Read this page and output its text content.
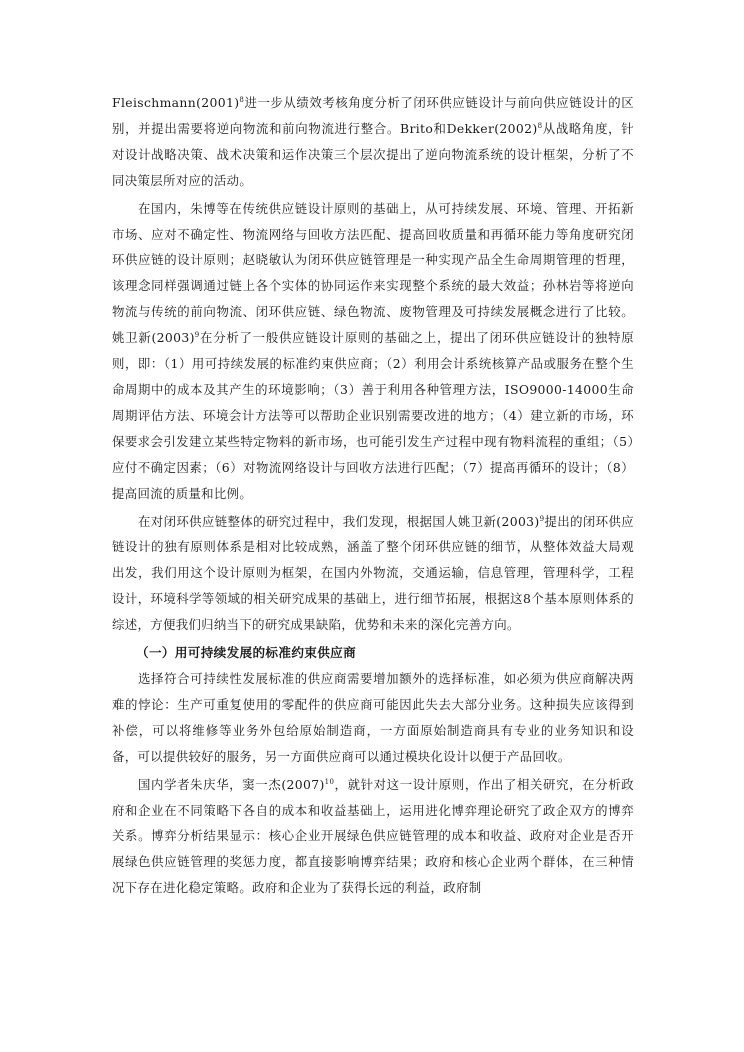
$Fleischmann(2001)^8$进一步从绩效考核角度分析了闭环供应链设计与前向供应链设计的区别，并提出需要将逆向物流和前向物流进行整合。Brito和$Dekker(2002)^8$从战略角度，针对设计战略决策、战术决策和运作决策三个层次提出了逆向物流系统的设计框架，分析了不同决策层所对应的活动。

在国内，朱博等在传统供应链设计原则的基础上，从可持续发展、环境、管理、开拓新市场、应对不确定性、物流网络与回收方法匹配、提高回收质量和再循环能力等角度研究闭环供应链的设计原则；赵晓敏认为闭环供应链管理是一种实现产品全生命周期管理的哲理，该理念同样强调通过链上各个实体的协同运作来实现整个系统的最大效益；孙林岩等将逆向物流与传统的前向物流、闭环供应链、绿色物流、废物管理及可持续发展概念进行了比较。姚卫新$(2003)^9$在分析了一般供应链设计原则的基础之上，提出了闭环供应链设计的独特原则，即：（1）用可持续发展的标准约束供应商；（2）利用会计系统核算产品或服务在整个生命周期中的成本及其产生的环境影响；（3）善于利用各种管理方法，ISO9000-14000生命周期评估方法、环境会计方法等可以帮助企业识别需要改进的地方；（4）建立新的市场，环保要求会引发建立某些特定物料的新市场，也可能引发生产过程中现有物料流程的重组；（5）应付不确定因素；（6）对物流网络设计与回收方法进行匹配；（7）提高再循环的设计；（8）提高回流的质量和比例。

在对闭环供应链整体的研究过程中，我们发现，根据国人姚卫新$(2003)^9$提出的闭环供应链设计的独有原则体系是相对比较成熟，涵盖了整个闭环供应链的细节，从整体效益大局观出发，我们用这个设计原则为框架，在国内外物流，交通运输，信息管理，管理科学，工程设计，环境科学等领域的相关研究成果的基础上，进行细节拓展，根据这8个基本原则体系的综述，方便我们归纳当下的研究成果缺陷，优势和未来的深化完善方向。

（一）用可持续发展的标准约束供应商

选择符合可持续性发展标准的供应商需要增加额外的选择标准，如必须为供应商解决两难的悖论：生产可重复使用的零配件的供应商可能因此失去大部分业务。这种损失应该得到补偿，可以将维修等业务外包给原始制造商，一方面原始制造商具有专业的业务知识和设备，可以提供较好的服务，另一方面供应商可以通过模块化设计以便于产品回收。

国内学者朱庆华，窦一杰$(2007)^{10}$，就针对这一设计原则，作出了相关研究，在分析政府和企业在不同策略下各自的成本和收益基础上，运用进化博弈理论研究了政企双方的博弈关系。博弈分析结果显示：核心企业开展绿色供应链管理的成本和收益、政府对企业是否开展绿色供应链管理的奖惩力度，都直接影响博弈结果；政府和核心企业两个群体，在三种情况下存在进化稳定策略。政府和企业为了获得长远的利益，政府制
